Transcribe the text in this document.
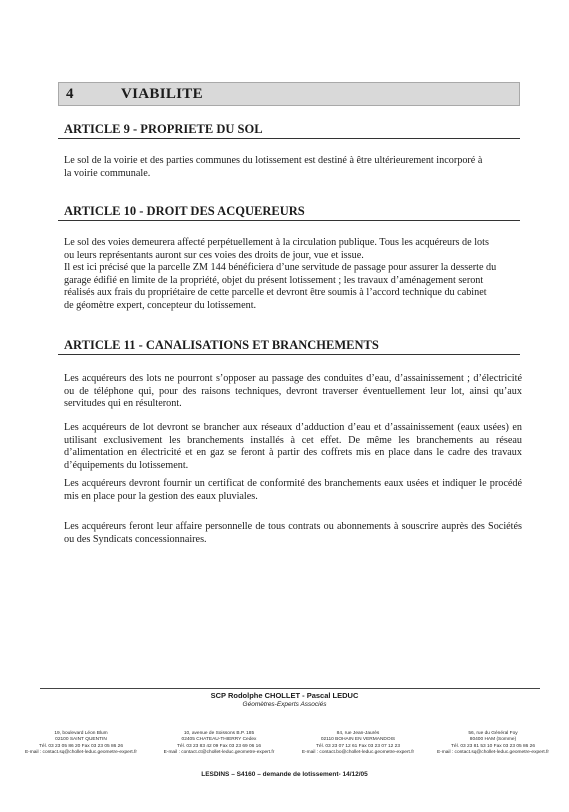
4	VIABILITE
ARTICLE 9 - PROPRIETE DU SOL

Le sol de la voirie et des parties communes du lotissement est destiné à être ultérieurement incorporé à
la voirie communale.

ARTICLE 10 - DROIT DES ACQUEREURS

Le sol des voies demeurera affecté perpétuellement à la circulation publique. Tous les acquéreurs de lots
ou leurs représentants auront sur ces voies des droits de jour, vue et issue.
Il est ici précisé que la parcelle ZM 144 bénéficiera d’une servitude de passage pour assurer la desserte du
garage édifié en limite de la propriété, objet du présent lotissement ; les travaux d’aménagement seront
réalisés aux frais du propriétaire de cette parcelle et devront être soumis à l’accord technique du cabinet
de géomètre expert, concepteur du lotissement.

ARTICLE 11 - CANALISATIONS ET BRANCHEMENTS

Les acquéreurs des lots ne pourront s’opposer au passage des conduites d’eau, d’assainissement ; d’électricité ou de téléphone qui, pour des raisons techniques, devront traverser éventuellement leur lot, ainsi qu’aux servitudes qui en résulteront.

Les acquéreurs de lot devront se brancher aux réseaux d’adduction d’eau et d’assainissement (eaux usées) en utilisant exclusivement les branchements installés à cet effet. De même les branchements au réseau d’alimentation en électricité et en gaz se feront à partir des coffrets mis en place dans le cadre des travaux d’équipements du lotissement.

Les acquéreurs devront fournir un certificat de conformité des branchements eaux usées et indiquer le procédé mis en place pour la gestion des eaux pluviales.

Les acquéreurs feront leur affaire personnelle de tous contrats ou abonnements à souscrire auprès des Sociétés ou des Syndicats concessionnaires.

SCP Rodolphe CHOLLET - Pascal LEDUC
Géomètres-Experts Associés
19, boulevard Léon Blum
02100 SAINT QUENTIN
Tél. 03 23 05 86 20 Fax 03 23 05 86 26
E-mail : contact.sq@chollet-leduc.geometre-expert.fr
10, avenue de Soissons B.P. 185
02405 CHATEAU-THIERRY Cedex
Tél. 03 23 83 42 09 Fax 03 23 69 06 16
E-mail : contact.ct@chollet-leduc.geometre-expert.fr
84, rue Jean-Jaurès
02110 BOHAIN EN VERMANDOIS
Tél. 03 23 07 12 61 Fax 03 23 07 12 23
E-mail : contact.bo@chollet-leduc.geometre-expert.fr
56, rue du Général Foy
80400 HAM (Somme)
Tél. 03 23 81 53 10 Fax 03 23 05 86 26
E-mail : contact.sq@chollet-leduc.geometre-expert.fr
LESDINS – S4160 – demande de lotissement- 14/12/05
